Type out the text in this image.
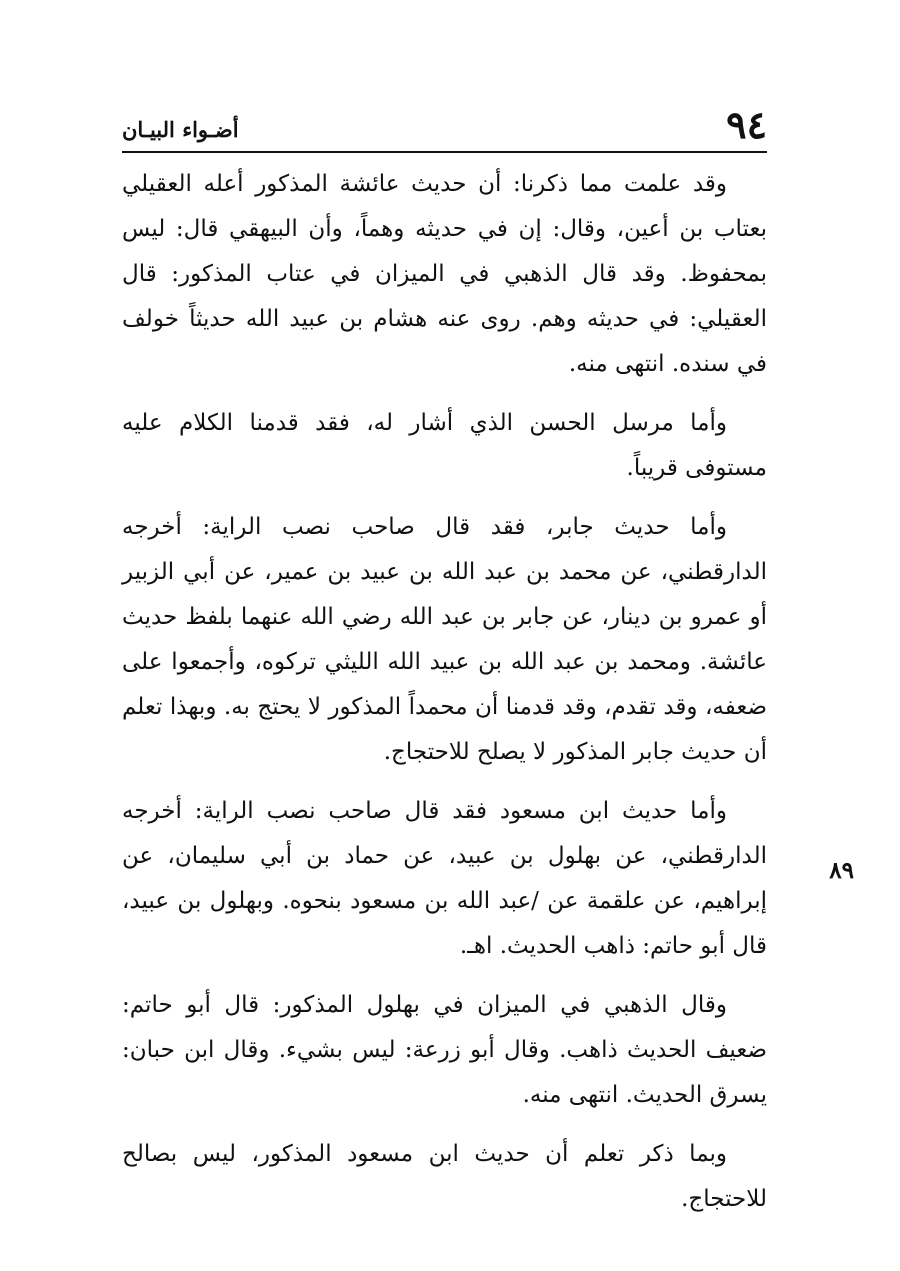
٩٤
أضـواء البيـان
٨٩

وقد علمت مما ذكرنا: أن حديث عائشة المذكور أعله العقيلي بعتاب بن أعين، وقال: إن في حديثه وهماً، وأن البيهقي قال: ليس بمحفوظ. وقد قال الذهبي في الميزان في عتاب المذكور: قال العقيلي: في حديثه وهم. روى عنه هشام بن عبيد الله حديثاً خولف في سنده. انتهى منه.

وأما مرسل الحسن الذي أشار له، فقد قدمنا الكلام عليه مستوفى قريباً.

وأما حديث جابر، فقد قال صاحب نصب الراية: أخرجه الدارقطني، عن محمد بن عبد الله بن عبيد بن عمير، عن أبي الزبير أو عمرو بن دينار، عن جابر بن عبد الله رضي الله عنهما بلفظ حديث عائشة. ومحمد بن عبد الله بن عبيد الله الليثي تركوه، وأجمعوا على ضعفه، وقد تقدم، وقد قدمنا أن محمداً المذكور لا يحتج به. وبهذا تعلم أن حديث جابر المذكور لا يصلح للاحتجاج.

وأما حديث ابن مسعود فقد قال صاحب نصب الراية: أخرجه الدارقطني، عن بهلول بن عبيد، عن حماد بن أبي سليمان، عن إبراهيم، عن علقمة عن /عبد الله بن مسعود بنحوه. وبهلول بن عبيد، قال أبو حاتم: ذاهب الحديث. اهـ.

وقال الذهبي في الميزان في بهلول المذكور: قال أبو حاتم: ضعيف الحديث ذاهب. وقال أبو زرعة: ليس بشيء. وقال ابن حبان: يسرق الحديث. انتهى منه.

وبما ذكر تعلم أن حديث ابن مسعود المذكور، ليس بصالح للاحتجاج.
